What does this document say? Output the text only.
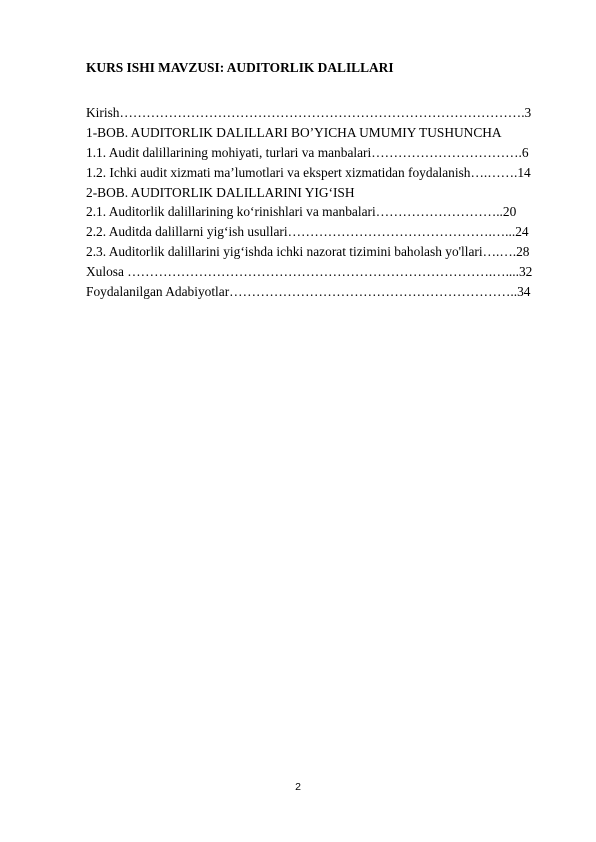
KURS ISHI MAVZUSI: AUDITORLIK DALILLARI
Kirish……………………………………………………………………………….3
1-BOB. AUDITORLIK DALILLARI BO’YICHA UMUMIY TUSHUNCHA
1.1. Audit dalillarining mohiyati, turlari va manbalari…………………………….6
1.2. Ichki audit xizmati ma’lumotlari va ekspert xizmatidan foydalanish….…….14
2-BOB. AUDITORLIK DALILLARINI YIG‘ISH
2.1. Auditorlik dalillarining ko‘rinishlari va manbalari………………………..20
2.2. Auditda dalillarni yig‘ish usullari……………………………………….…...24
2.3. Auditorlik dalillarini yig‘ishda ichki nazorat tizimini baholash yo'llari….….28
Xulosa ……………………………………………………………………….…....32
Foydalanilgan Adabiyotlar………………………………………………………..34
2
